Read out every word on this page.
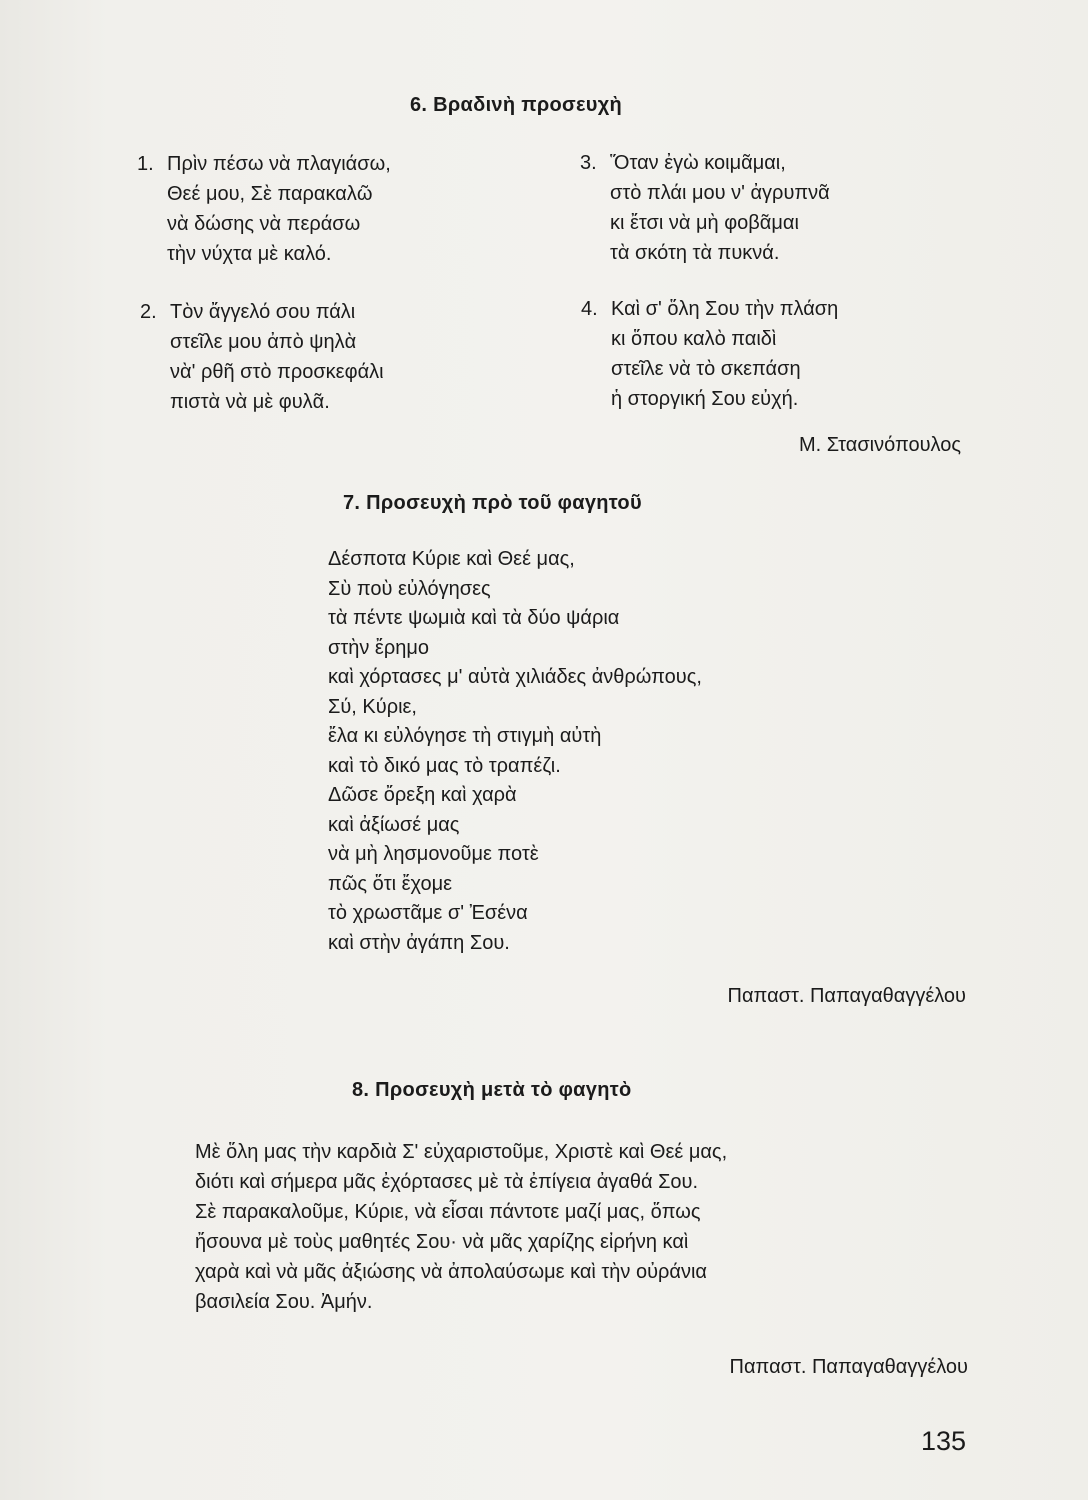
6. Βραδινὴ προσευχὴ
1. Πρὶν πέσω νὰ πλαγιάσω,
Θεέ μου, Σὲ παρακαλῶ
νὰ δώσης νὰ περάσω
τὴν νύχτα μὲ καλό.
2. Τὸν ἄγγελό σου πάλι
στεῖλε μου ἀπὸ ψηλὰ
νὰ' ρθῆ στὸ προσκεφάλι
πιστὰ νὰ μὲ φυλᾶ.
3. Ὅταν ἐγὼ κοιμᾶμαι,
στὸ πλάι μου ν' ἀγρυπνᾶ
κι ἔτσι νὰ μὴ φοβᾶμαι
τὰ σκότη τὰ πυκνά.
4. Καὶ σ' ὅλη Σου τὴν πλάση
κι ὅπου καλὸ παιδὶ
στεῖλε νὰ τὸ σκεπάση
ἡ στοργική Σου εὐχή.
Μ. Στασινόπουλος
7. Προσευχὴ πρὸ τοῦ φαγητοῦ
Δέσποτα Κύριε καὶ Θεέ μας,
Σὺ ποὺ εὐλόγησες
τὰ πέντε ψωμιὰ καὶ τὰ δύο ψάρια
στὴν ἔρημο
καὶ χόρτασες μ' αὐτὰ χιλιάδες ἀνθρώπους,
Σύ, Κύριε,
ἔλα κι εὐλόγησε τὴ στιγμὴ αὐτὴ
καὶ τὸ δικό μας τὸ τραπέζι.
Δῶσε ὄρεξη καὶ χαρὰ
καὶ ἀξίωσέ μας
νὰ μὴ λησμονοῦμε ποτὲ
πῶς ὅτι ἔχομε
τὸ χρωστᾶμε σ' Ἐσένα
καὶ στὴν ἀγάπη Σου.
Παπαστ. Παπαγαθαγγέλου
8. Προσευχὴ μετὰ τὸ φαγητὸ
Μὲ ὅλη μας τὴν καρδιὰ Σ' εὐχαριστοῦμε, Χριστὲ καὶ Θεέ μας,
διότι καὶ σήμερα μᾶς ἐχόρτασες μὲ τὰ ἐπίγεια ἀγαθά Σου.
Σὲ παρακαλοῦμε, Κύριε, νὰ εἶσαι πάντοτε μαζί μας, ὅπως
ἤσουνα μὲ τοὺς μαθητές Σου· νὰ μᾶς χαρίζης εἰρήνη καὶ
χαρὰ καὶ νὰ μᾶς ἀξιώσης νὰ ἀπολαύσωμε καὶ τὴν οὐράνια
βασιλεία Σου. Ἀμήν.
Παπαστ. Παπαγαθαγγέλου
135
